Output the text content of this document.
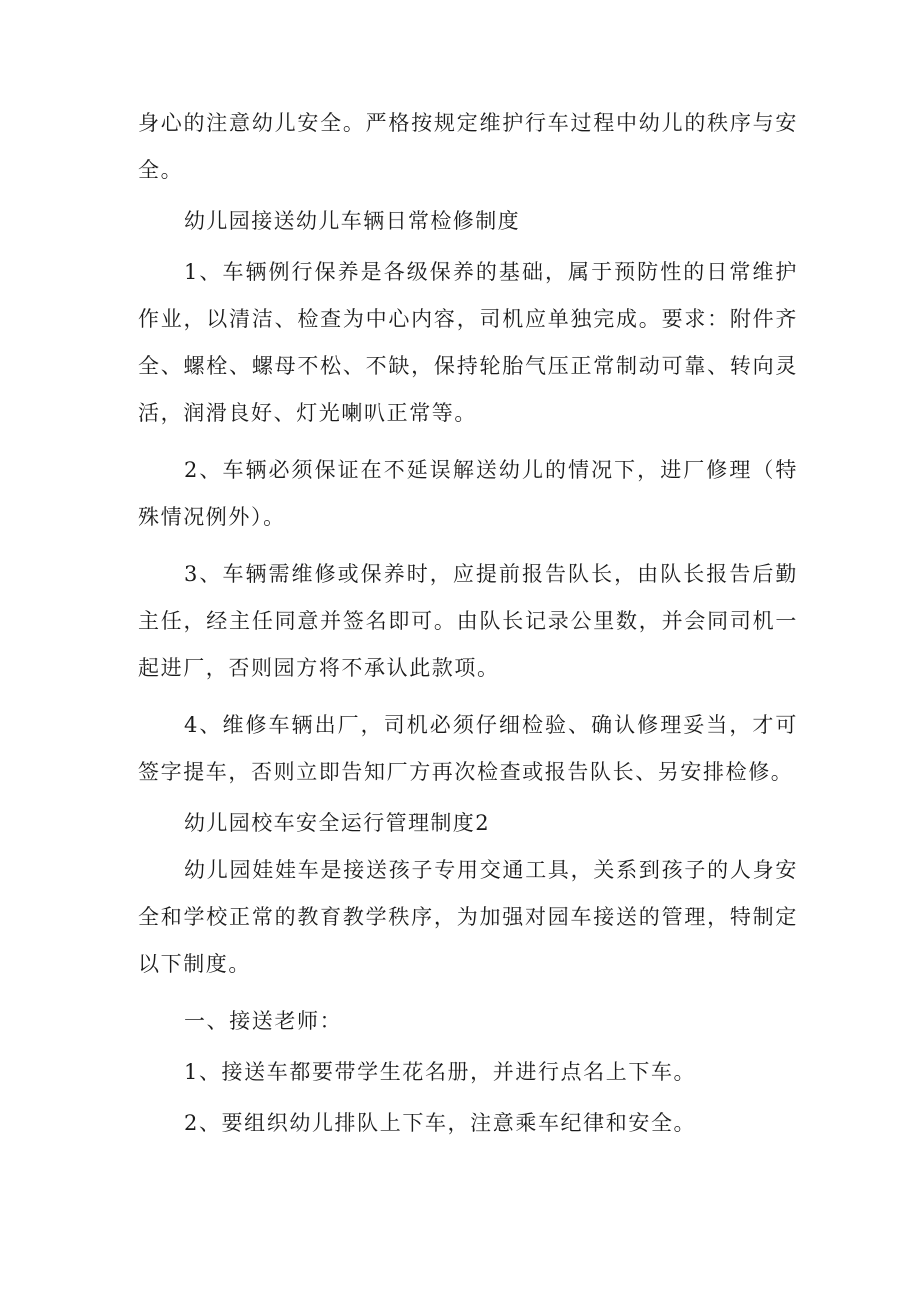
身心的注意幼儿安全。严格按规定维护行车过程中幼儿的秩序与安全。

幼儿园接送幼儿车辆日常检修制度

1、车辆例行保养是各级保养的基础，属于预防性的日常维护作业，以清洁、检查为中心内容，司机应单独完成。要求：附件齐全、螺栓、螺母不松、不缺，保持轮胎气压正常制动可靠、转向灵活，润滑良好、灯光喇叭正常等。

2、车辆必须保证在不延误解送幼儿的情况下，进厂修理（特殊情况例外）。

3、车辆需维修或保养时，应提前报告队长，由队长报告后勤主任，经主任同意并签名即可。由队长记录公里数，并会同司机一起进厂，否则园方将不承认此款项。

4、维修车辆出厂，司机必须仔细检验、确认修理妥当，才可签字提车，否则立即告知厂方再次检查或报告队长、另安排检修。

幼儿园校车安全运行管理制度2

幼儿园娃娃车是接送孩子专用交通工具，关系到孩子的人身安全和学校正常的教育教学秩序，为加强对园车接送的管理，特制定以下制度。

一、接送老师：

1、接送车都要带学生花名册，并进行点名上下车。

2、要组织幼儿排队上下车，注意乘车纪律和安全。
